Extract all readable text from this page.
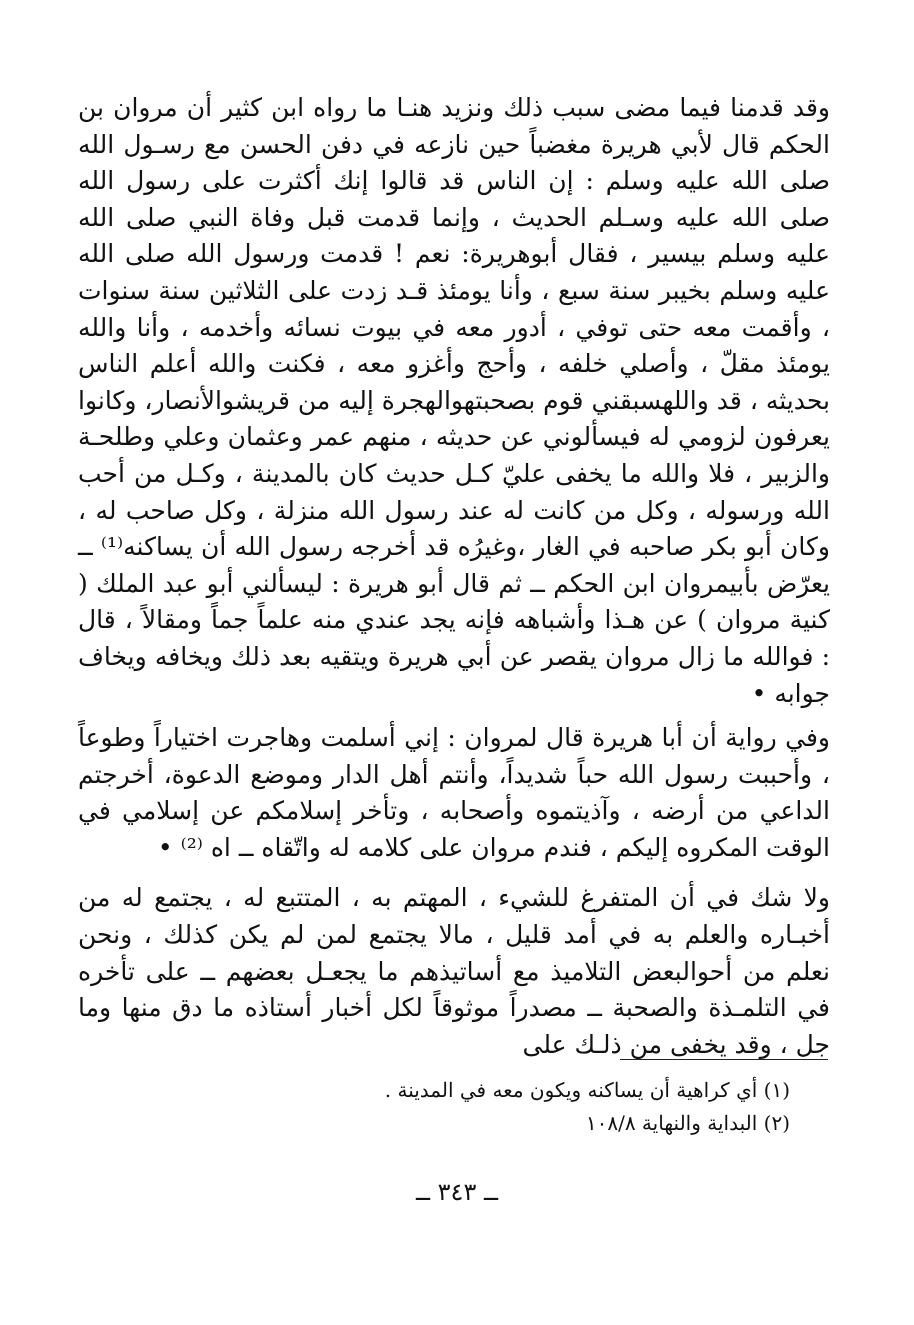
وقد قدمنا فيما مضى سبب ذلك ونزيد هنـا ما رواه ابن كثير أن مروان بن الحكم قال لأبي هريرة مغضباً حين نازعه في دفن الحسن مع رسـول الله صلى الله عليه وسلم : إن الناس قد قالوا إنك أكثرت على رسول الله صلى الله عليه وسـلم الحديث ، وإنما قدمت قبل وفاة النبي صلى الله عليه وسلم بيسير ، فقال أبوهريرة: نعم ! قدمت ورسول الله صلى الله عليه وسلم بخيبر سنة سبع ، وأنا يومئذ قـد زدت على الثلاثين سنة سنوات ، وأقمت معه حتى توفي ، أدور معه في بيوت نسائه وأخدمه ، وأنا والله يومئذ مقلّ ، وأصلي خلفه ، وأحج وأغزو معه ، فكنت والله أعلم الناس بحديثه ، قد واللهسبقني قوم بصحبتهوالهجرة إليه من قريشوالأنصار، وكانوا يعرفون لزومي له فيسألوني عن حديثه ، منهم عمر وعثمان وعلي وطلحـة والزبير ، فلا والله ما يخفى عليّ كـل حديث كان بالمدينة ، وكـل من أحب الله ورسوله ، وكل من كانت له عند رسول الله منزلة ، وكل صاحب له ، وكان أبو بكر صاحبه في الغار ،وغيرُه قد أخرجه رسول الله أن يساكنه⁽¹⁾ ــ يعرّض بأبيمروان ابن الحكم ــ ثم قال أبو هريرة : ليسألني أبو عبد الملك ( كنية مروان ) عن هـذا وأشباهه فإنه يجد عندي منه علماً جماً ومقالاً ، قال : فوالله ما زال مروان يقصر عن أبي هريرة ويتقيه بعد ذلك ويخافه ويخاف جوابه •

وفي رواية أن أبا هريرة قال لمروان : إني أسلمت وهاجرت اختياراً وطوعاً ، وأحببت رسول الله حباً شديداً، وأنتم أهل الدار وموضع الدعوة، أخرجتم الداعي من أرضه ، وآذيتموه وأصحابه ، وتأخر إسلامكم عن إسلامي في الوقت المكروه إليكم ، فندم مروان على كلامه له واتّقاه ــ اه ⁽²⁾ •

ولا شك في أن المتفرغ للشيء ، المهتم به ، المتتبع له ، يجتمع له من أخبـاره والعلم به في أمد قليل ، مالا يجتمع لمن لم يكن كذلك ، ونحن نعلم من أحوالبعض التلاميذ مع أساتيذهم ما يجعـل بعضهم ــ على تأخره في التلمـذة والصحبة ــ مصدراً موثوقاً لكل أخبار أستاذه ما دق منها وما جل ، وقد يخفى من ذلـك على

(١) أي كراهية أن يساكنه ويكون معه في المدينة .
(٢) البداية والنهاية ١٠٨/٨
ــ ٣٤٣ ــ
